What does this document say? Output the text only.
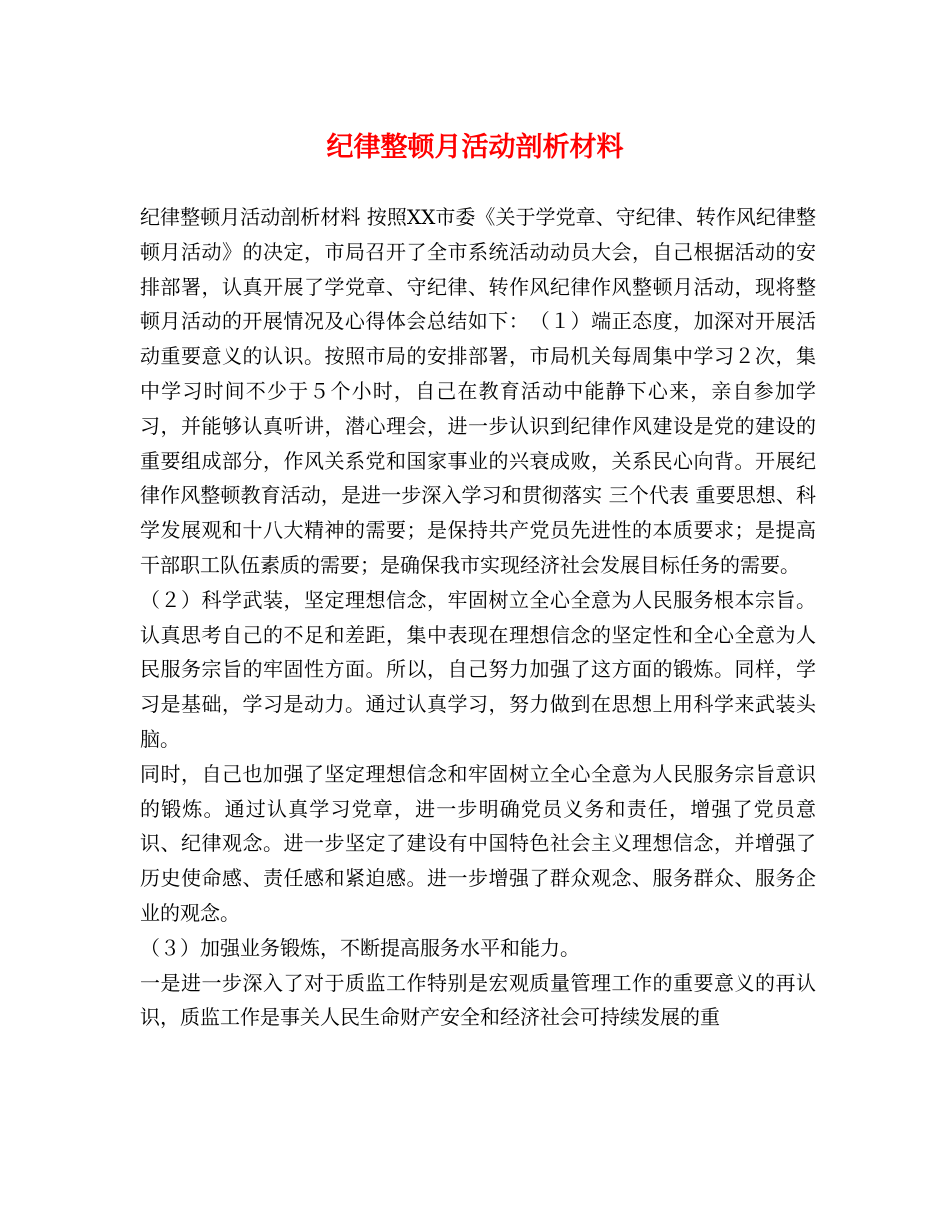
纪律整顿月活动剖析材料

纪律整顿月活动剖析材料 按照XX市委《关于学党章、守纪律、转作风纪律整顿月活动》的决定，市局召开了全市系统活动动员大会，自己根据活动的安排部署，认真开展了学党章、守纪律、转作风纪律作风整顿月活动，现将整顿月活动的开展情况及心得体会总结如下：　（１）端正态度，加深对开展活动重要意义的认识。按照市局的安排部署，市局机关每周集中学习２次，集中学习时间不少于５个小时，自己在教育活动中能静下心来，亲自参加学习，并能够认真听讲，潜心理会，进一步认识到纪律作风建设是党的建设的重要组成部分，作风关系党和国家事业的兴衰成败，关系民心向背。开展纪律作风整顿教育活动，是进一步深入学习和贯彻落实 三个代表 重要思想、科学发展观和十八大精神的需要；是保持共产党员先进性的本质要求；是提高干部职工队伍素质的需要；是确保我市实现经济社会发展目标任务的需要。

（２）科学武装，坚定理想信念，牢固树立全心全意为人民服务根本宗旨。认真思考自己的不足和差距，集中表现在理想信念的坚定性和全心全意为人民服务宗旨的牢固性方面。所以，自己努力加强了这方面的锻炼。同样，学习是基础，学习是动力。通过认真学习，努力做到在思想上用科学来武装头脑。

同时，自己也加强了坚定理想信念和牢固树立全心全意为人民服务宗旨意识的锻炼。通过认真学习党章，进一步明确党员义务和责任，增强了党员意识、纪律观念。进一步坚定了建设有中国特色社会主义理想信念，并增强了历史使命感、责任感和紧迫感。进一步增强了群众观念、服务群众、服务企业的观念。

（３）加强业务锻炼，不断提高服务水平和能力。

一是进一步深入了对于质监工作特别是宏观质量管理工作的重要意义的再认识，质监工作是事关人民生命财产安全和经济社会可持续发展的重
